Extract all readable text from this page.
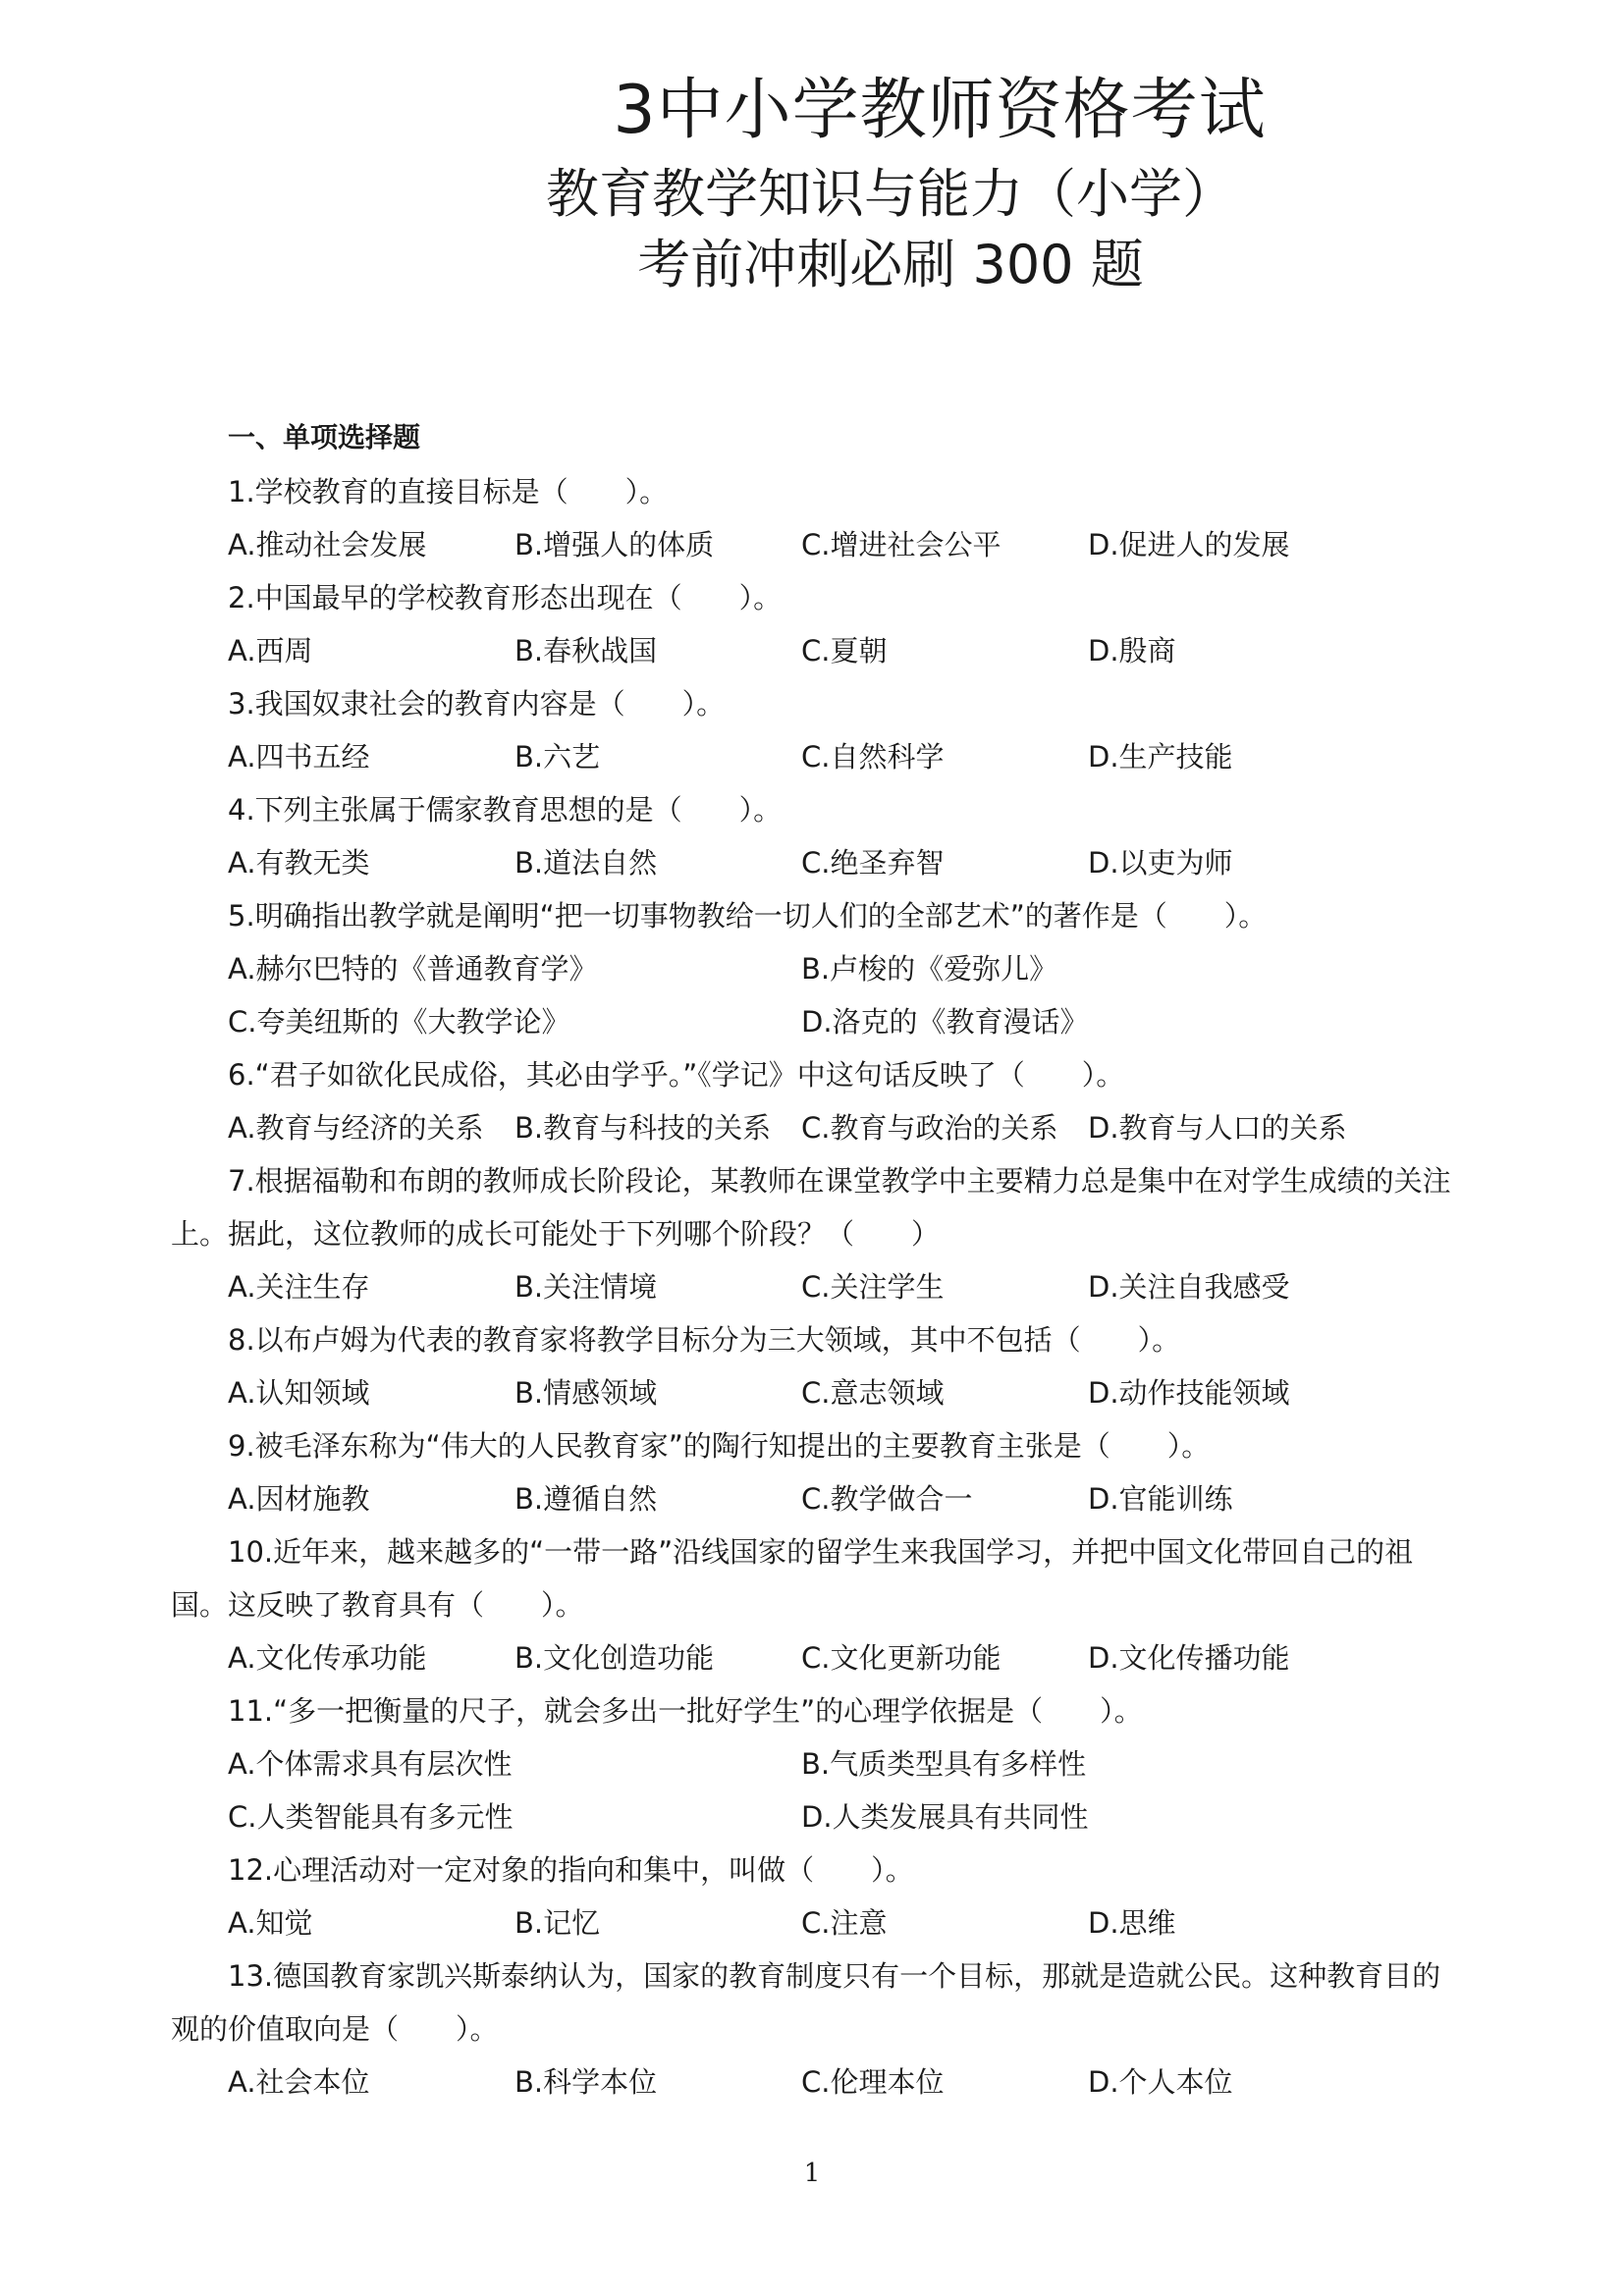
3中小学教师资格考试
教育教学知识与能力（小学）
考前冲刺必刷 300 题
一、单项选择题
1.学校教育的直接目标是（　　）。
A.推动社会发展	B.增强人的体质	C.增进社会公平	D.促进人的发展
2.中国最早的学校教育形态出现在（　　）。
A.西周	B.春秋战国	C.夏朝	D.殷商
3.我国奴隶社会的教育内容是（　　）。
A.四书五经	B.六艺	C.自然科学	D.生产技能
4.下列主张属于儒家教育思想的是（　　）。
A.有教无类	B.道法自然	C.绝圣弃智	D.以吏为师
5.明确指出教学就是阐明“把一切事物教给一切人们的全部艺术”的著作是（　　）。
A.赫尔巴特的《普通教育学》	B.卢梭的《爱弥儿》
C.夸美纽斯的《大教学论》	D.洛克的《教育漫话》
6.“君子如欲化民成俗，其必由学乎。”《学记》中这句话反映了（　　）。
A.教育与经济的关系 B.教育与科技的关系 C.教育与政治的关系 D.教育与人口的关系
7.根据福勒和布朗的教师成长阶段论，某教师在课堂教学中主要精力总是集中在对学生成绩的关注上。据此，这位教师的成长可能处于下列哪个阶段？（　　）
A.关注生存	B.关注情境	C.关注学生	D.关注自我感受
8.以布卢姆为代表的教育家将教学目标分为三大领域，其中不包括（　　）。
A.认知领域	B.情感领域	C.意志领域	D.动作技能领域
9.被毛泽东称为“伟大的人民教育家”的陶行知提出的主要教育主张是（　　）。
A.因材施教	B.遵循自然	C.教学做合一	D.官能训练
10.近年来，越来越多的“一带一路”沿线国家的留学生来我国学习，并把中国文化带回自己的祖国。这反映了教育具有（　　）。
A.文化传承功能	B.文化创造功能	C.文化更新功能	D.文化传播功能
11.“多一把衡量的尺子，就会多出一批好学生”的心理学依据是（　　）。
A.个体需求具有层次性	B.气质类型具有多样性
C.人类智能具有多元性	D.人类发展具有共同性
12.心理活动对一定对象的指向和集中，叫做（　　）。
A.知觉	B.记忆	C.注意	D.思维
13.德国教育家凯兴斯泰纳认为，国家的教育制度只有一个目标，那就是造就公民。这种教育目的观的价值取向是（　　）。
A.社会本位	B.科学本位	C.伦理本位	D.个人本位
1
